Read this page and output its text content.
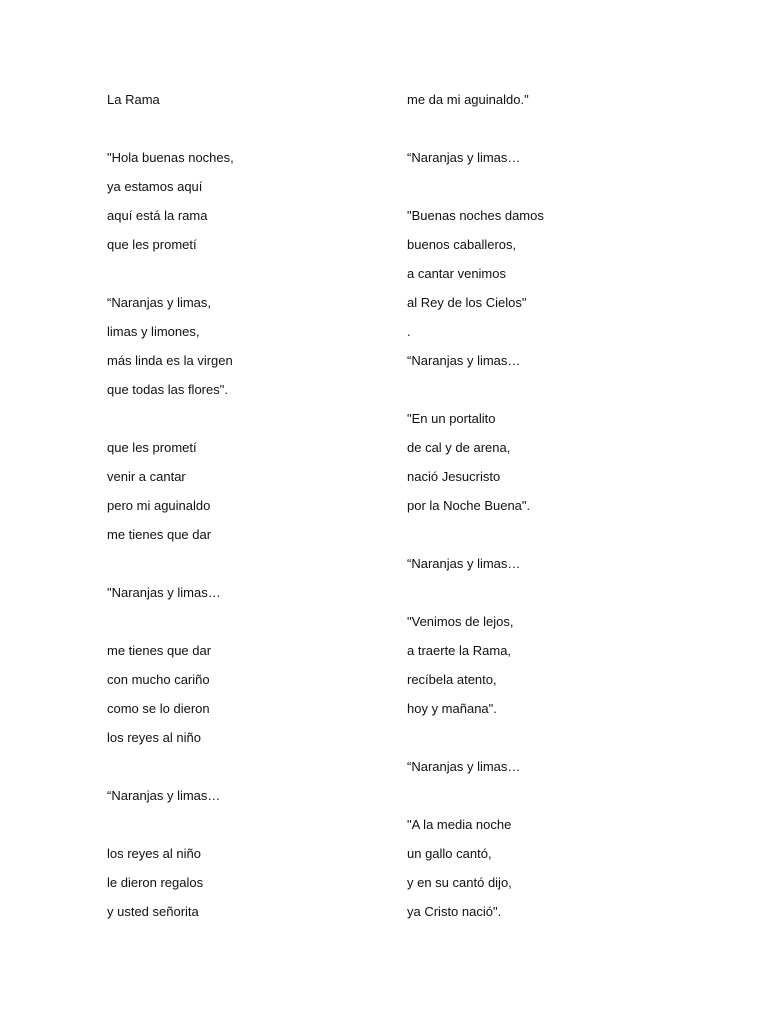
La Rama
"Hola buenas noches,
ya estamos aquí
aquí está la rama
que les prometí
“Naranjas y limas,
limas y limones,
más linda es la virgen
que todas las flores".
que les prometí
venir a cantar
pero mi aguinaldo
me tienes que dar
"Naranjas y limas…
me tienes que dar
con mucho cariño
como se lo dieron
los reyes al niño
“Naranjas y limas…
los reyes al niño
le dieron regalos
y usted señorita
me da mi aguinaldo."
“Naranjas y limas…
"Buenas noches damos
buenos caballeros,
a cantar venimos
al Rey de los Cielos"
.
“Naranjas y limas…
"En un portalito
de cal y de arena,
nació Jesucristo
por la Noche Buena".
“Naranjas y limas…
"Venimos de lejos,
a traerte la Rama,
recíbela atento,
hoy y mañana".
“Naranjas y limas…
"A la media noche
un gallo cantó,
y en su cantó dijo,
ya Cristo nació".
